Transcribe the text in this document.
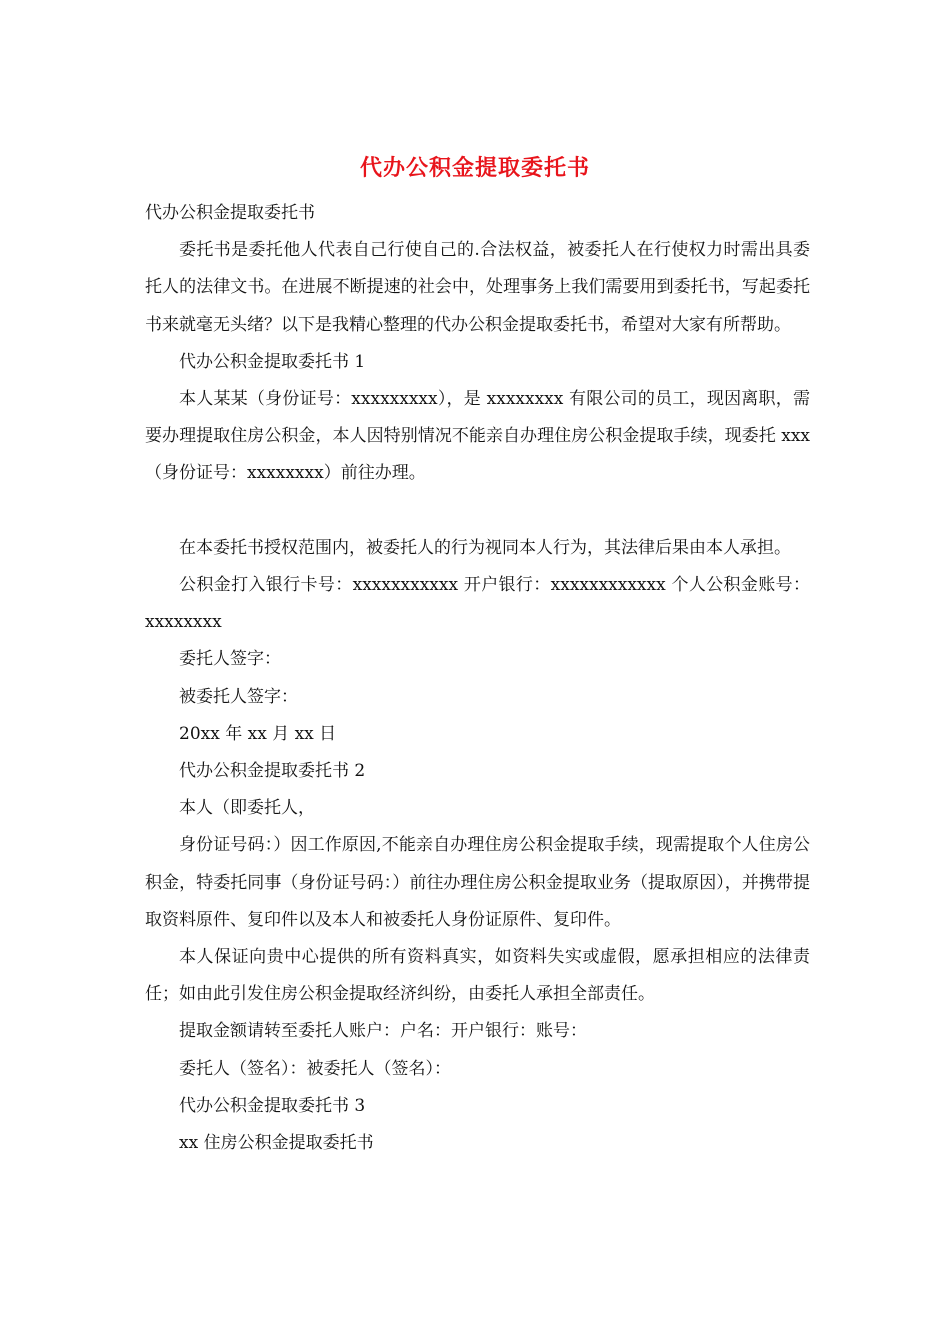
代办公积金提取委托书

代办公积金提取委托书

委托书是委托他人代表自己行使自己的.合法权益，被委托人在行使权力时需出具委托人的法律文书。在进展不断提速的社会中，处理事务上我们需要用到委托书，写起委托书来就毫无头绪？以下是我精心整理的代办公积金提取委托书，希望对大家有所帮助。

代办公积金提取委托书 1

本人某某（身份证号：xxxxxxxxx），是 xxxxxxxx 有限公司的员工，现因离职，需要办理提取住房公积金，本人因特别情况不能亲自办理住房公积金提取手续，现委托 xxx（身份证号：xxxxxxxx）前往办理。

在本委托书授权范围内，被委托人的行为视同本人行为，其法律后果由本人承担。

公积金打入银行卡号：xxxxxxxxxxx 开户银行：xxxxxxxxxxxx 个人公积金账号：xxxxxxxx

委托人签字：

被委托人签字：

20xx 年 xx 月 xx 日

代办公积金提取委托书 2

本人（即委托人，

身份证号码：）因工作原因,不能亲自办理住房公积金提取手续，现需提取个人住房公积金，特委托同事（身份证号码：）前往办理住房公积金提取业务（提取原因），并携带提取资料原件、复印件以及本人和被委托人身份证原件、复印件。

本人保证向贵中心提供的所有资料真实，如资料失实或虚假，愿承担相应的法律责任；如由此引发住房公积金提取经济纠纷，由委托人承担全部责任。

提取金额请转至委托人账户：户名：开户银行：账号：

委托人（签名）：被委托人（签名）：

代办公积金提取委托书 3

xx 住房公积金提取委托书
